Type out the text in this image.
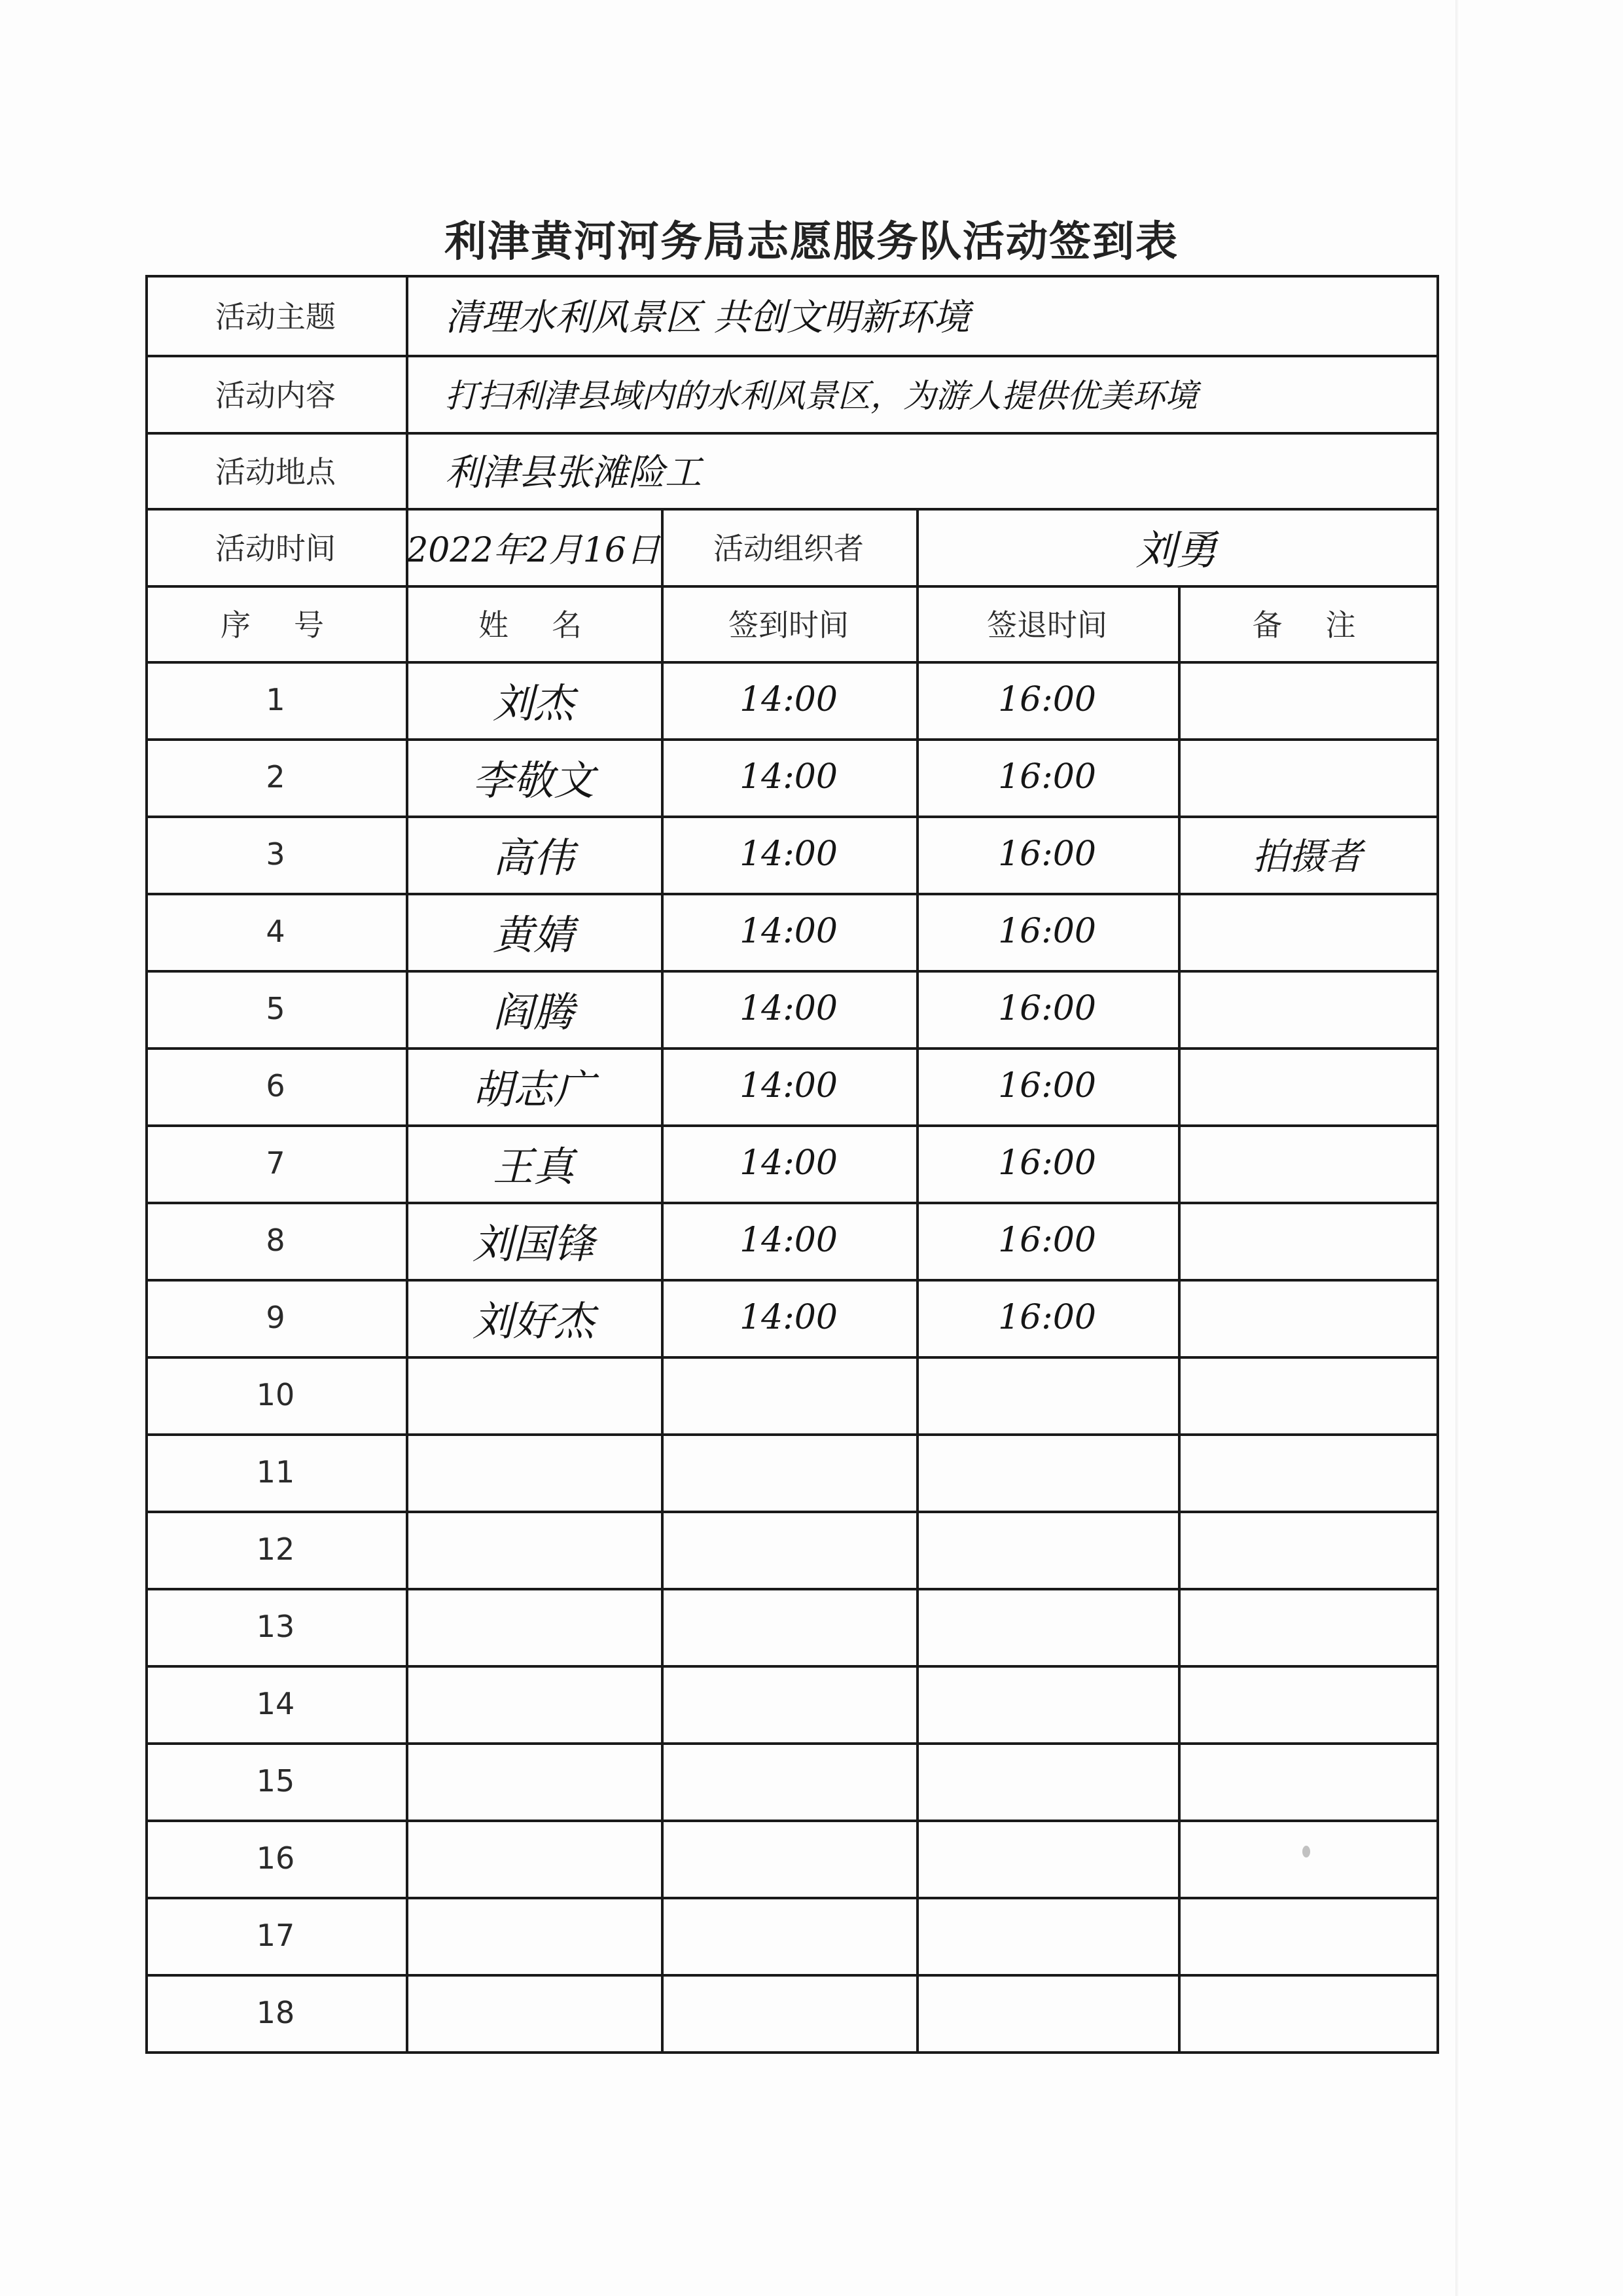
利津黄河河务局志愿服务队活动签到表
活动主题	清理水利风景区 共创文明新环境
活动内容	打扫利津县域内的水利风景区，为游人提供优美环境
活动地点	利津县张滩险工
活动时间	2022年2月16日	活动组织者	刘勇
序　号	姓　名	签到时间	签退时间	备　注
1	刘杰	14:00	16:00
2	李敬文	14:00	16:00
3	高伟	14:00	16:00	拍摄者
4	黄婧	14:00	16:00
5	阎腾	14:00	16:00
6	胡志广	14:00	16:00
7	王真	14:00	16:00
8	刘国锋	14:00	16:00
9	刘好杰	14:00	16:00
10
11
12
13
14
15
16
17
18
